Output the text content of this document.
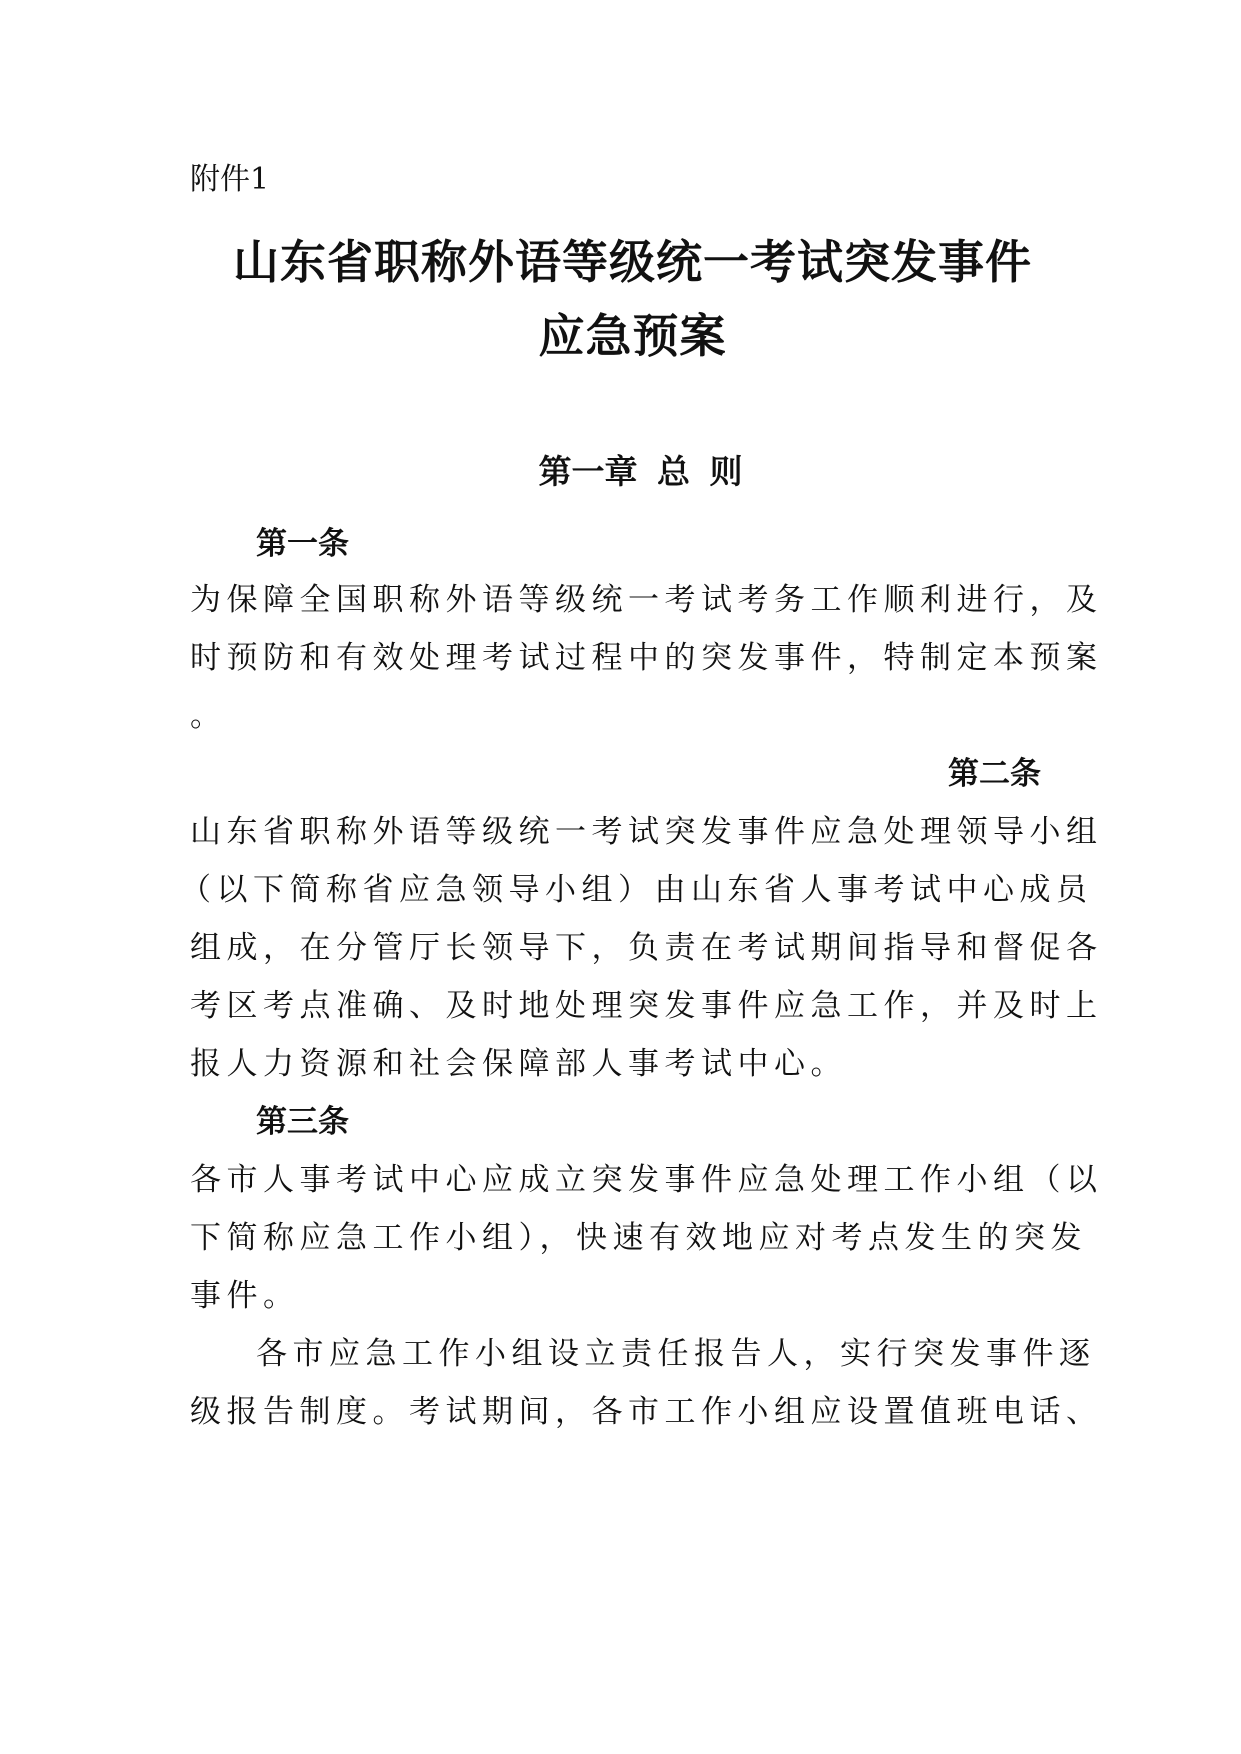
附件1

山东省职称外语等级统一考试突发事件
应急预案
第一章 总 则
第一条

为保障全国职称外语等级统一考试考务工作顺利进行，及

时预防和有效处理考试过程中的突发事件，特制定本预案

。

第二条

山东省职称外语等级统一考试突发事件应急处理领导小组

（以下简称省应急领导小组）由山东省人事考试中心成员

组成，在分管厅长领导下，负责在考试期间指导和督促各

考区考点准确、及时地处理突发事件应急工作，并及时上

报人力资源和社会保障部人事考试中心。

第三条

各市人事考试中心应成立突发事件应急处理工作小组（以

下简称应急工作小组），快速有效地应对考点发生的突发

事件。

各市应急工作小组设立责任报告人，实行突发事件逐

级报告制度。考试期间，各市工作小组应设置值班电话、
